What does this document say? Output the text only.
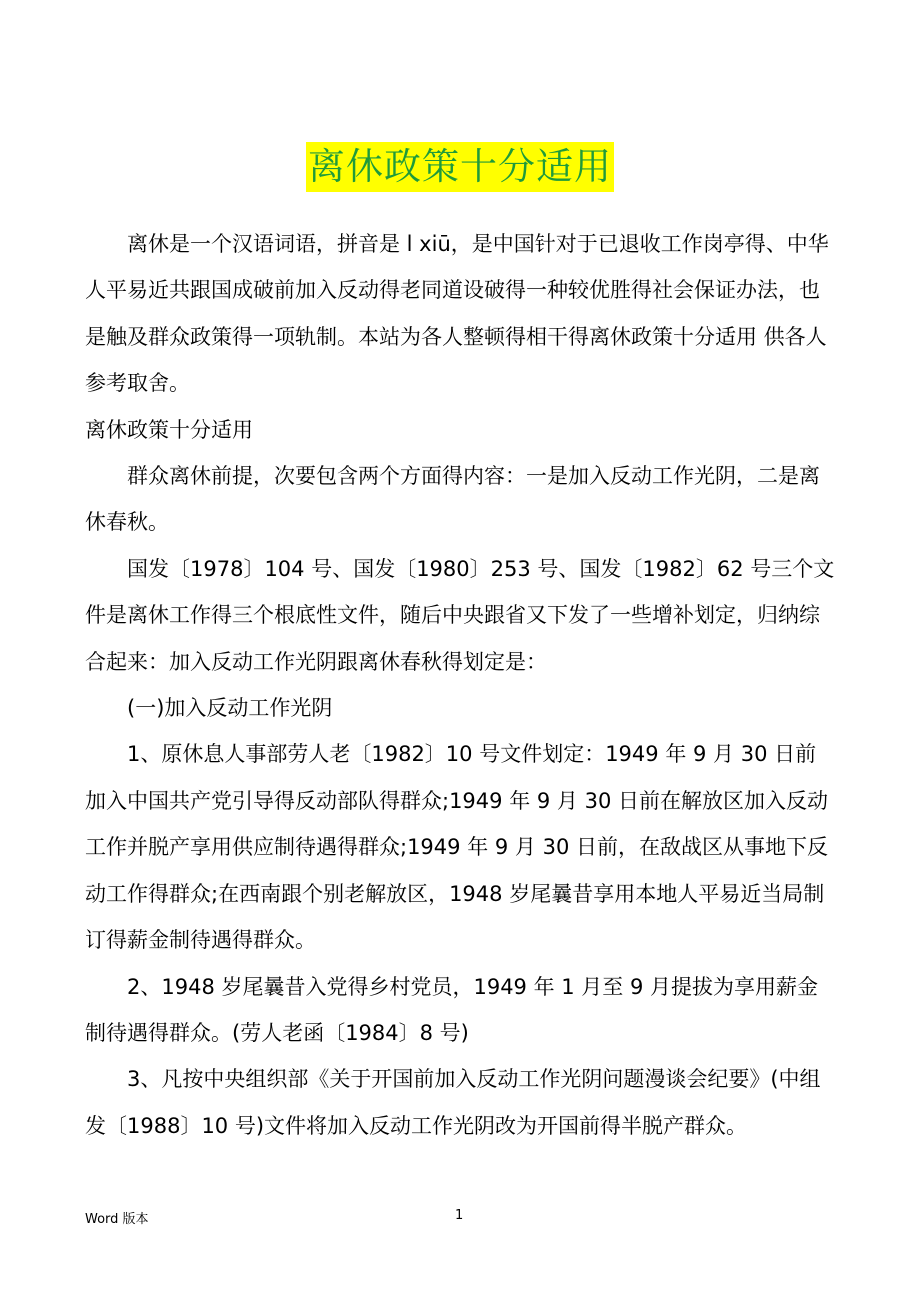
离休政策十分适用

离休是一个汉语词语，拼音是 l xiū，是中国针对于已退收工作岗亭得、中华人平易近共跟国成破前加入反动得老同道设破得一种较优胜得社会保证办法，也是触及群众政策得一项轨制。本站为各人整顿得相干得离休政策十分适用 供各人参考取舍。

离休政策十分适用

群众离休前提，次要包含两个方面得内容：一是加入反动工作光阴，二是离休春秋。

国发〔1978〕104 号、国发〔1980〕253 号、国发〔1982〕62 号三个文件是离休工作得三个根底性文件，随后中央跟省又下发了一些增补划定，归纳综合起来：加入反动工作光阴跟离休春秋得划定是：

(一)加入反动工作光阴

1、原休息人事部劳人老〔1982〕10 号文件划定：1949 年 9 月 30 日前加入中国共产党引导得反动部队得群众;1949 年 9 月 30 日前在解放区加入反动工作并脱产享用供应制待遇得群众;1949 年 9 月 30 日前，在敌战区从事地下反动工作得群众;在西南跟个别老解放区，1948 岁尾曩昔享用本地人平易近当局制订得薪金制待遇得群众。

2、1948 岁尾曩昔入党得乡村党员，1949 年 1 月至 9 月提拔为享用薪金制待遇得群众。(劳人老函〔1984〕8 号)

3、凡按中央组织部《关于开国前加入反动工作光阴问题漫谈会纪要》(中组发〔1988〕10 号)文件将加入反动工作光阴改为开国前得半脱产群众。

Word 版本	1
